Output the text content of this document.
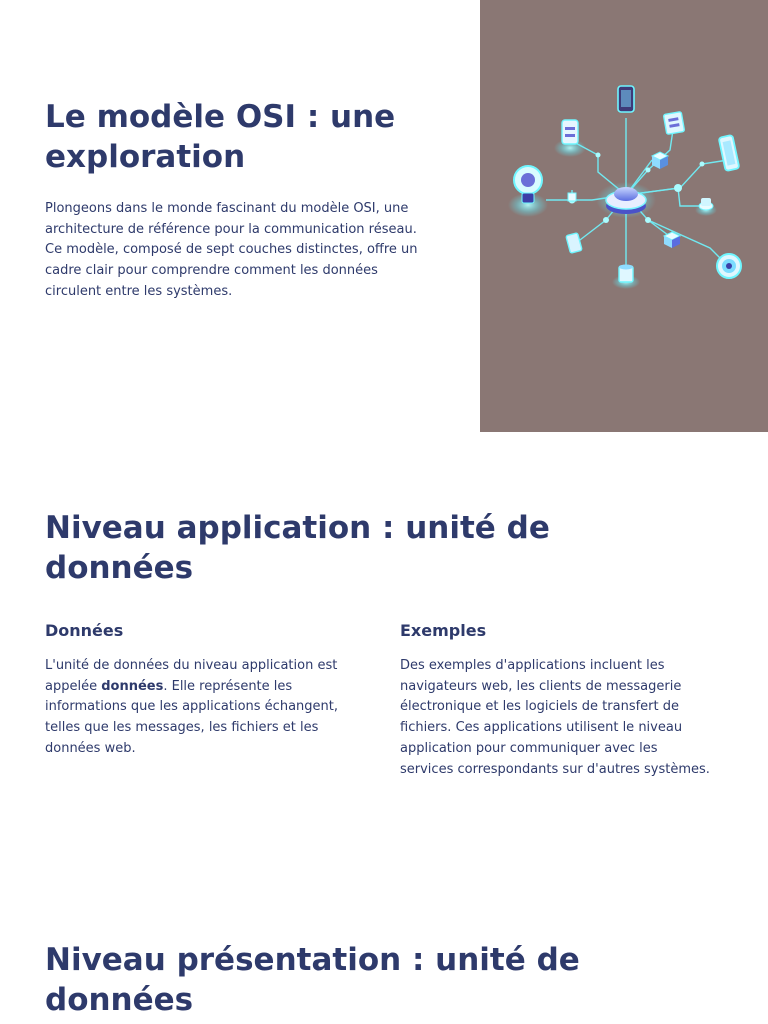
Le modèle OSI : une exploration

Plongeons dans le monde fascinant du modèle OSI, une architecture de référence pour la communication réseau. Ce modèle, composé de sept couches distinctes, offre un cadre clair pour comprendre comment les données circulent entre les systèmes.

Niveau application : unité de données
Données

L'unité de données du niveau application est appelée données. Elle représente les informations que les applications échangent, telles que les messages, les fichiers et les données web.

Exemples

Des exemples d'applications incluent les navigateurs web, les clients de messagerie électronique et les logiciels de transfert de fichiers. Ces applications utilisent le niveau application pour communiquer avec les services correspondants sur d'autres systèmes.

Niveau présentation : unité de données
